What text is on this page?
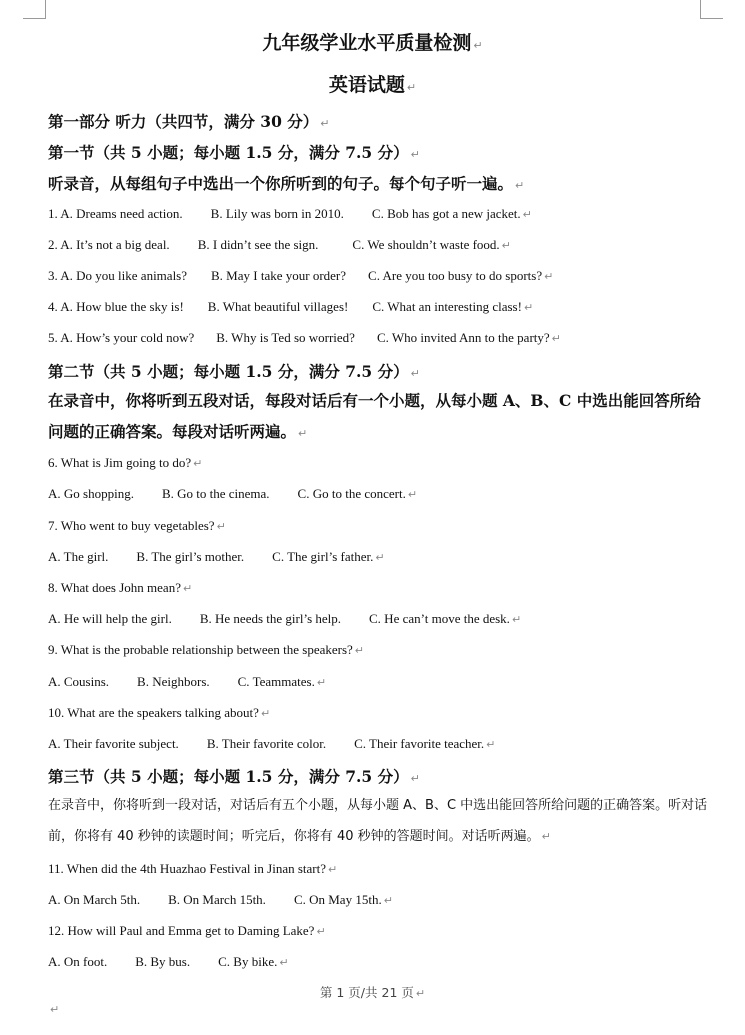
九年级学业水平质量检测 ↵
英语试题 ↵
第一部分 听力（共四节，满分 30 分） ↵
第一节（共 5 小题；每小题 1.5 分，满分 7.5 分） ↵
听录音，从每组句子中选出一个你所听到的句子。每个句子听一遍。 ↵
1. A. Dreams need action. B. Lily was born in 2010. C. Bob has got a new jacket. ↵
2. A. It’s not a big deal. B. I didn’t see the sign.	C. We shouldn’t waste food. ↵
3. A. Do you like animals? B. May I take your order? C. Are you too busy to do sports? ↵
4. A. How blue the sky is! B. What beautiful villages! C. What an interesting class! ↵
5. A. How’s your cold now? B. Why is Ted so worried? C. Who invited Ann to the party? ↵
第二节（共 5 小题；每小题 1.5 分，满分 7.5 分） ↵
在录音中，你将听到五段对话，每段对话后有一个小题，从每小题 A、B、C 中选出能回答所给问题的正确答案。每段对话听两遍。 ↵
6. What is Jim going to do? ↵
A. Go shopping. B. Go to the cinema. C. Go to the concert. ↵
7. Who went to buy vegetables? ↵
A. The girl. B. The girl’s mother. C. The girl’s father. ↵
8. What does John mean? ↵
A. He will help the girl. B. He needs the girl’s help. C. He can’t move the desk. ↵
9. What is the probable relationship between the speakers? ↵
A. Cousins. B. Neighbors. C. Teammates. ↵
10. What are the speakers talking about? ↵
A. Their favorite subject. B. Their favorite color. C. Their favorite teacher. ↵
第三节（共 5 小题；每小题 1.5 分，满分 7.5 分） ↵
在录音中，你将听到一段对话，对话后有五个小题，从每小题 A、B、C 中选出能回答所给问题的正确答案。听对话前，你将有 40 秒钟的读题时间；听完后，你将有 40 秒钟的答题时间。对话听两遍。 ↵
11. When did the 4th Huazhao Festival in Jinan start? ↵
A. On March 5th. B. On March 15th. C. On May 15th. ↵
12. How will Paul and Emma get to Daming Lake? ↵
A. On foot. B. By bus. C. By bike. ↵
第 1 页/共 21 页 ↵
↵
